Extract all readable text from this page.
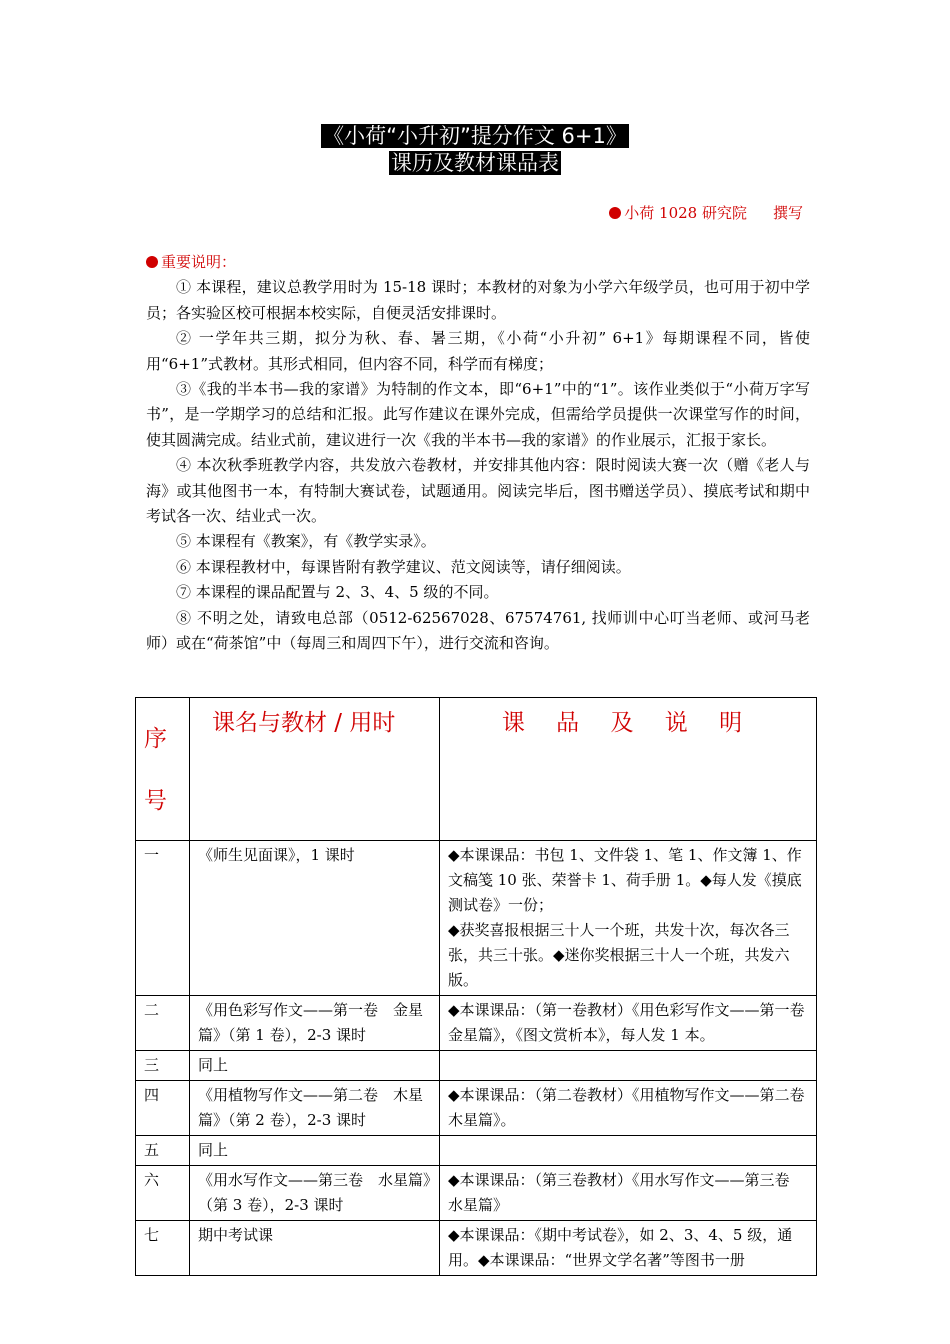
《小荷“小升初”提分作文 6+1》
课历及教材课品表
小荷 1028 研究院 撰写
重要说明：

① 本课程，建议总教学用时为 15-18 课时；本教材的对象为小学六年级学员，也可用于初中学员；各实验区校可根据本校实际，自便灵活安排课时。

② 一学年共三期，拟分为秋、春、暑三期，《小荷“小升初” 6+1》每期课程不同，皆使用“6+1”式教材。其形式相同，但内容不同，科学而有梯度；

③《我的半本书—我的家谱》为特制的作文本，即“6+1”中的“1”。该作业类似于“小荷万字写书”，是一学期学习的总结和汇报。此写作建议在课外完成，但需给学员提供一次课堂写作的时间，使其圆满完成。结业式前，建议进行一次《我的半本书—我的家谱》的作业展示，汇报于家长。

④ 本次秋季班教学内容，共发放六卷教材，并安排其他内容：限时阅读大赛一次（赠《老人与海》或其他图书一本，有特制大赛试卷，试题通用。阅读完毕后，图书赠送学员）、摸底考试和期中考试各一次、结业式一次。

⑤ 本课程有《教案》，有《教学实录》。

⑥ 本课程教材中，每课皆附有教学建议、范文阅读等，请仔细阅读。

⑦ 本课程的课品配置与 2、3、4、5 级的不同。

⑧ 不明之处，请致电总部（0512-62567028、67574761, 找师训中心叮当老师、或河马老师）或在“荷茶馆”中（每周三和周四下午），进行交流和咨询。

序
号	课名与教材 / 用时	课 品 及 说 明
一	《师生见面课》，1 课时	◆本课课品：书包 1、文件袋 1、笔 1、作文簿 1、作文稿笺 10 张、荣誉卡 1、荷手册 1。◆每人发《摸底测试卷》一份；
◆获奖喜报根据三十人一个班，共发十次，每次各三张，共三十张。◆迷你奖根据三十人一个班，共发六版。

二	《用色彩写作文——第一卷　金星篇》（第 1 卷），2-3 课时	◆本课课品：（第一卷教材）《用色彩写作文——第一卷　金星篇》，《图文赏析本》，每人发 1 本。

三	同上	
四	《用植物写作文——第二卷　木星篇》（第 2 卷），2-3 课时	◆本课课品：（第二卷教材）《用植物写作文——第二卷　木星篇》。

五	同上	
六	《用水写作文——第三卷　水星篇》（第 3 卷），2-3 课时	◆本课课品：（第三卷教材）《用水写作文——第三卷　水星篇》

七	期中考试课	◆本课课品：《期中考试卷》，如 2、3、4、5 级，通用。◆本课课品：“世界文学名著”等图书一册
